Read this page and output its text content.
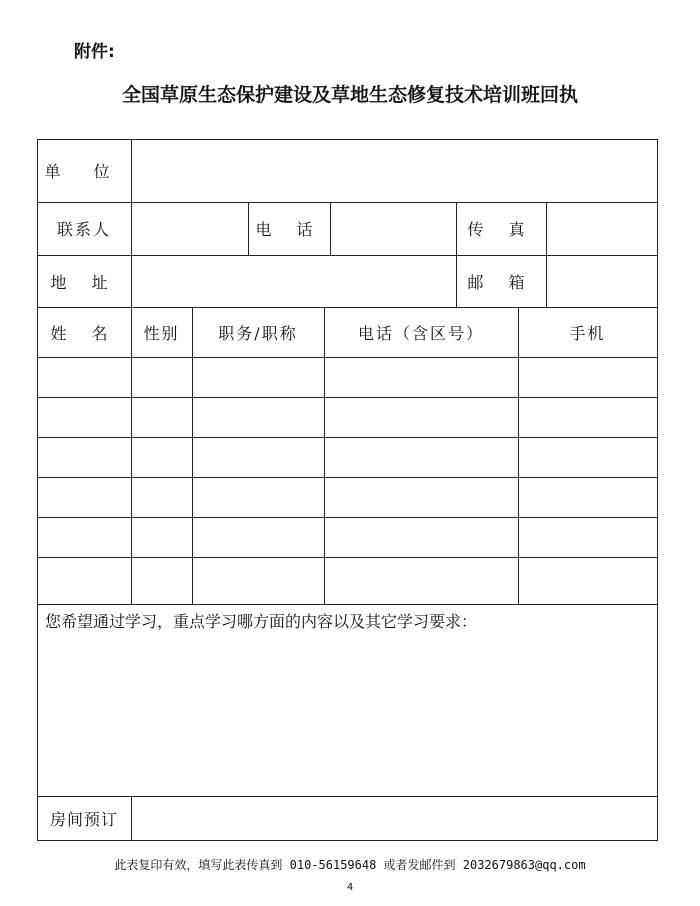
附件:
全国草原生态保护建设及草地生态修复技术培训班回执
单 位
联系人	电 话	传 真
地 址	邮 箱
姓 名	性别	职务/职称	电话（含区号）	手机
您希望通过学习，重点学习哪方面的内容以及其它学习要求：
房间预订
此表复印有效，填写此表传真到 010-56159648 或者发邮件到 2032679863@qq.com
4
